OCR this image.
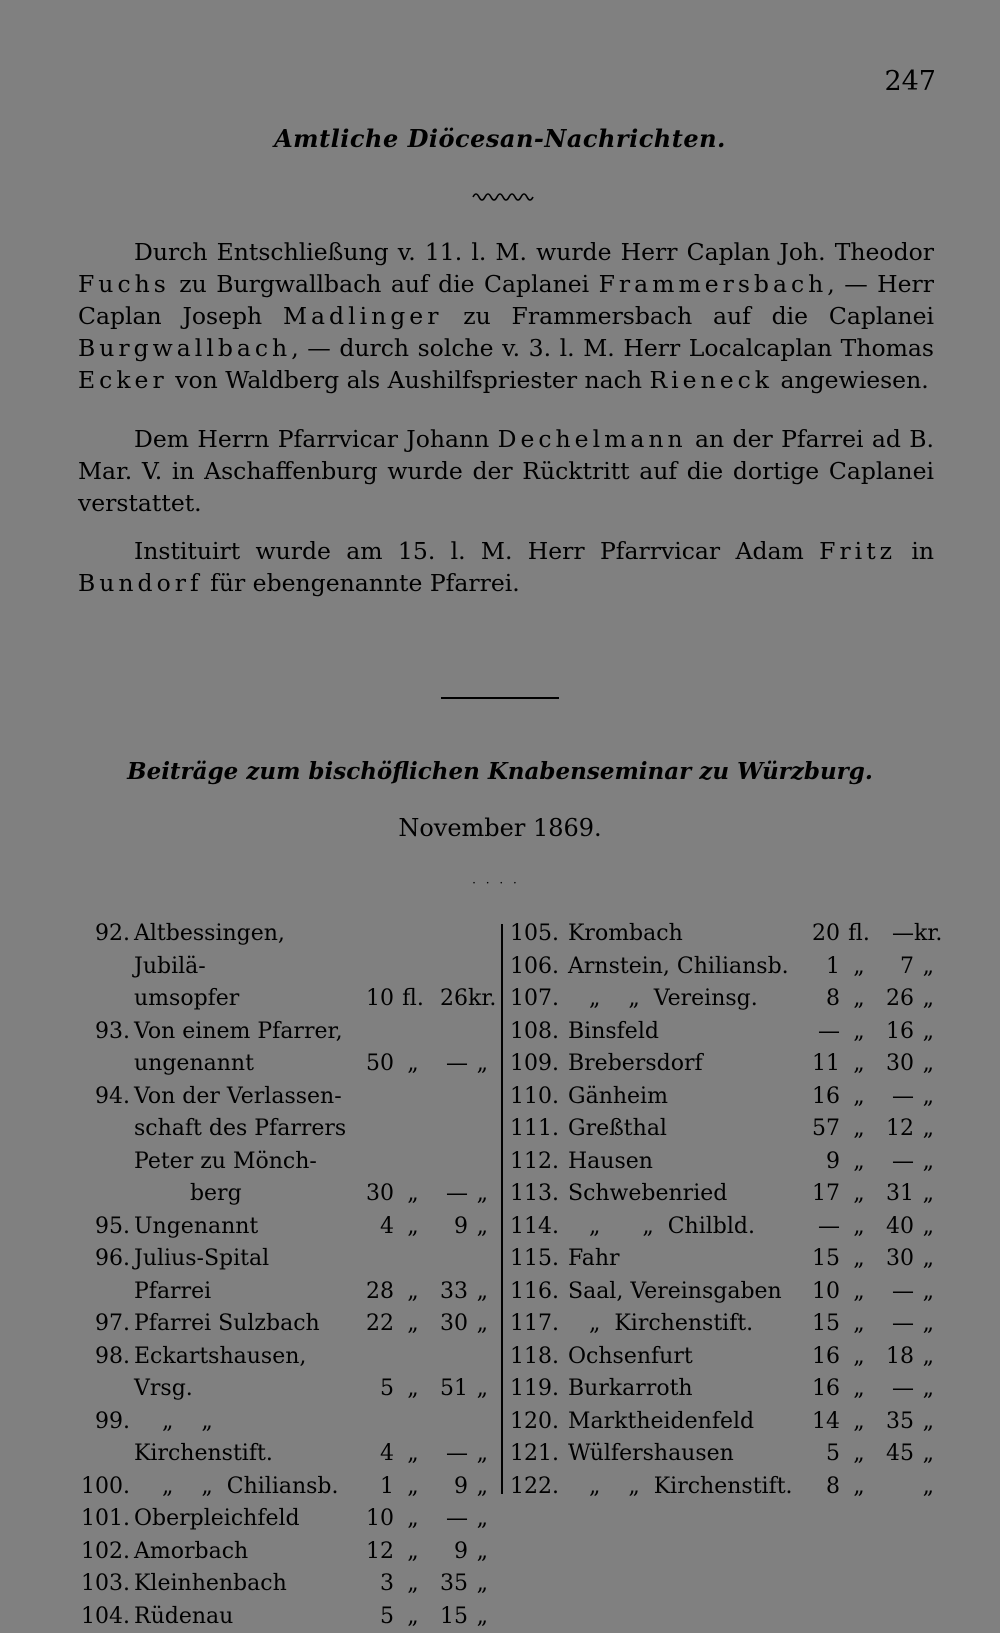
247
Amtliche Diöcesan-Nachrichten.

Durch Entschließung v. 11. l. M. wurde Herr Caplan Joh. Theodor Fuchs zu Burgwallbach auf die Caplanei Frammersbach, — Herr Caplan Joseph Madlinger zu Frammersbach auf die Caplanei Burgwallbach, — durch solche v. 3. l. M. Herr Localcaplan Thomas Ecker von Waldberg als Aushilfspriester nach Rieneck angewiesen.

Dem Herrn Pfarrvicar Johann Dechelmann an der Pfarrei ad B. Mar. V. in Aschaffenburg wurde der Rücktritt auf die dortige Caplanei verstattet.

Instituirt wurde am 15. l. M. Herr Pfarrvicar Adam Fritz in Bundorf für ebengenannte Pfarrei.

Beiträge zum bischöflichen Knabenseminar zu Würzburg.
November 1869.
· · · ·
92. Altbessingen, Jubilä-
umsopfer	10 fl. 26 kr.
93. Von einem Pfarrer,
ungenannt	50 „	— „
94. Von der Verlassen-
schaft des Pfarrers
Peter zu Mönch-
berg	30 „	— „
95. Ungenannt	4 „	9 „
96. Julius-Spital Pfarrei	28 „ 33 „
97. Pfarrei Sulzbach	22 „ 30 „
98. Eckartshausen, Vrsg.	5 „ 51 „
99. „    „  Kirchenstift.	4 „	— „
100. „    „  Chiliansb.	1 „	9 „
101. Oberpleichfeld	10 „	— „
102. Amorbach	12 „	9 „
103. Kleinhenbach	3 „ 35 „
104. Rüdenau	5 „ 15 „
105. Krombach	20 fl.	— kr.
106. Arnstein, Chiliansb.	1 „	7 „
107. „    „  Vereinsg.	8 „ 26 „
108. Binsfeld	— „ 16 „
109. Brebersdorf	11 „ 30 „
110. Gänheim	16 „	— „
111. Greßthal	57 „ 12 „
112. Hausen	9 „	— „
113. Schwebenried	17 „ 31 „
114. „      „  Chilbld.	— „ 40 „
115. Fahr	15 „ 30 „
116. Saal, Vereinsgaben	10 „	— „
117. „  Kirchenstift.	15 „	— „
118. Ochsenfurt	16 „ 18 „
119. Burkarroth	16 „	— „
120. Marktheidenfeld	14 „ 35 „
121. Wülfershausen	5 „ 45 „
122. „    „  Kirchenstift.	8 „	„
